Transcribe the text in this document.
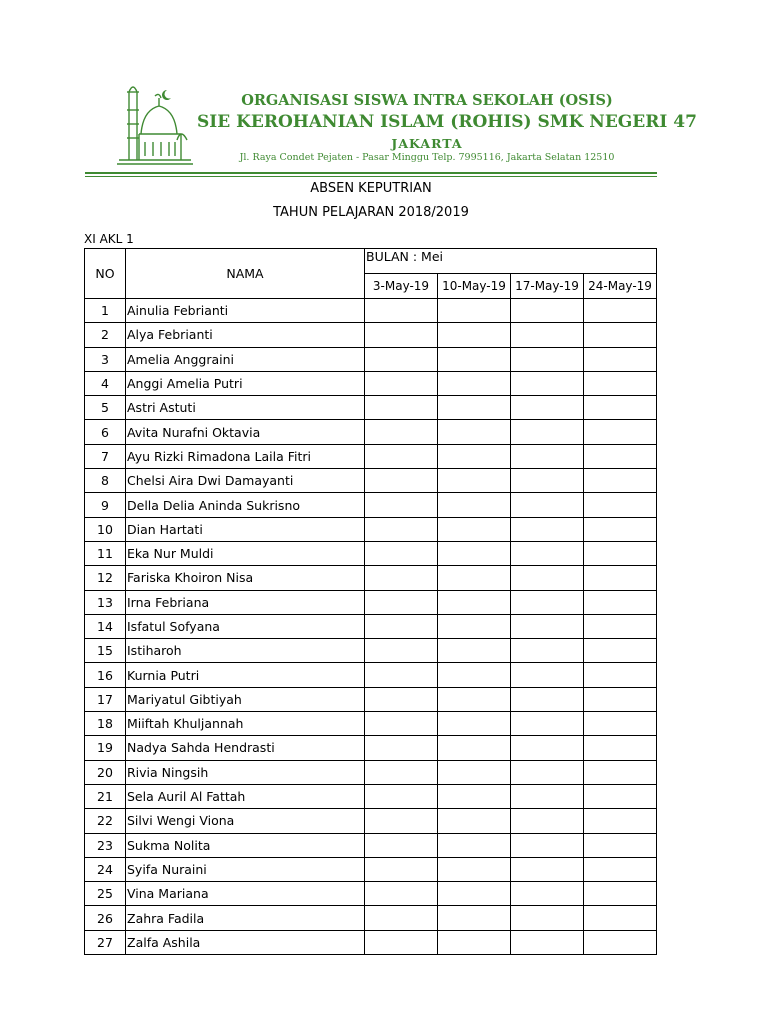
ORGANISASI SISWA INTRA SEKOLAH (OSIS)
SIE KEROHANIAN ISLAM (ROHIS) SMK NEGERI 47
JAKARTA
Jl. Raya Condet Pejaten - Pasar Minggu Telp. 7995116, Jakarta Selatan 12510
ABSEN KEPUTRIAN
TAHUN PELAJARAN 2018/2019
XI AKL 1
NO	NAMA	BULAN : Mei			
		3-May-19	10-May-19	17-May-19	24-May-19
1	Ainulia Febrianti				
2	Alya Febrianti				
3	Amelia Anggraini				
4	Anggi Amelia Putri				
5	Astri Astuti				
6	Avita Nurafni Oktavia				
7	Ayu Rizki Rimadona Laila Fitri				
8	Chelsi Aira Dwi Damayanti				
9	Della Delia Aninda Sukrisno				
10	Dian Hartati				
11	Eka Nur Muldi				
12	Fariska Khoiron Nisa				
13	Irna Febriana				
14	Isfatul Sofyana				
15	Istiharoh				
16	Kurnia Putri				
17	Mariyatul Gibtiyah				
18	Miiftah Khuljannah				
19	Nadya Sahda Hendrasti				
20	Rivia Ningsih				
21	Sela Auril Al Fattah				
22	Silvi Wengi Viona				
23	Sukma Nolita				
24	Syifa Nuraini				
25	Vina Mariana				
26	Zahra Fadila				
27	Zalfa Ashila				
